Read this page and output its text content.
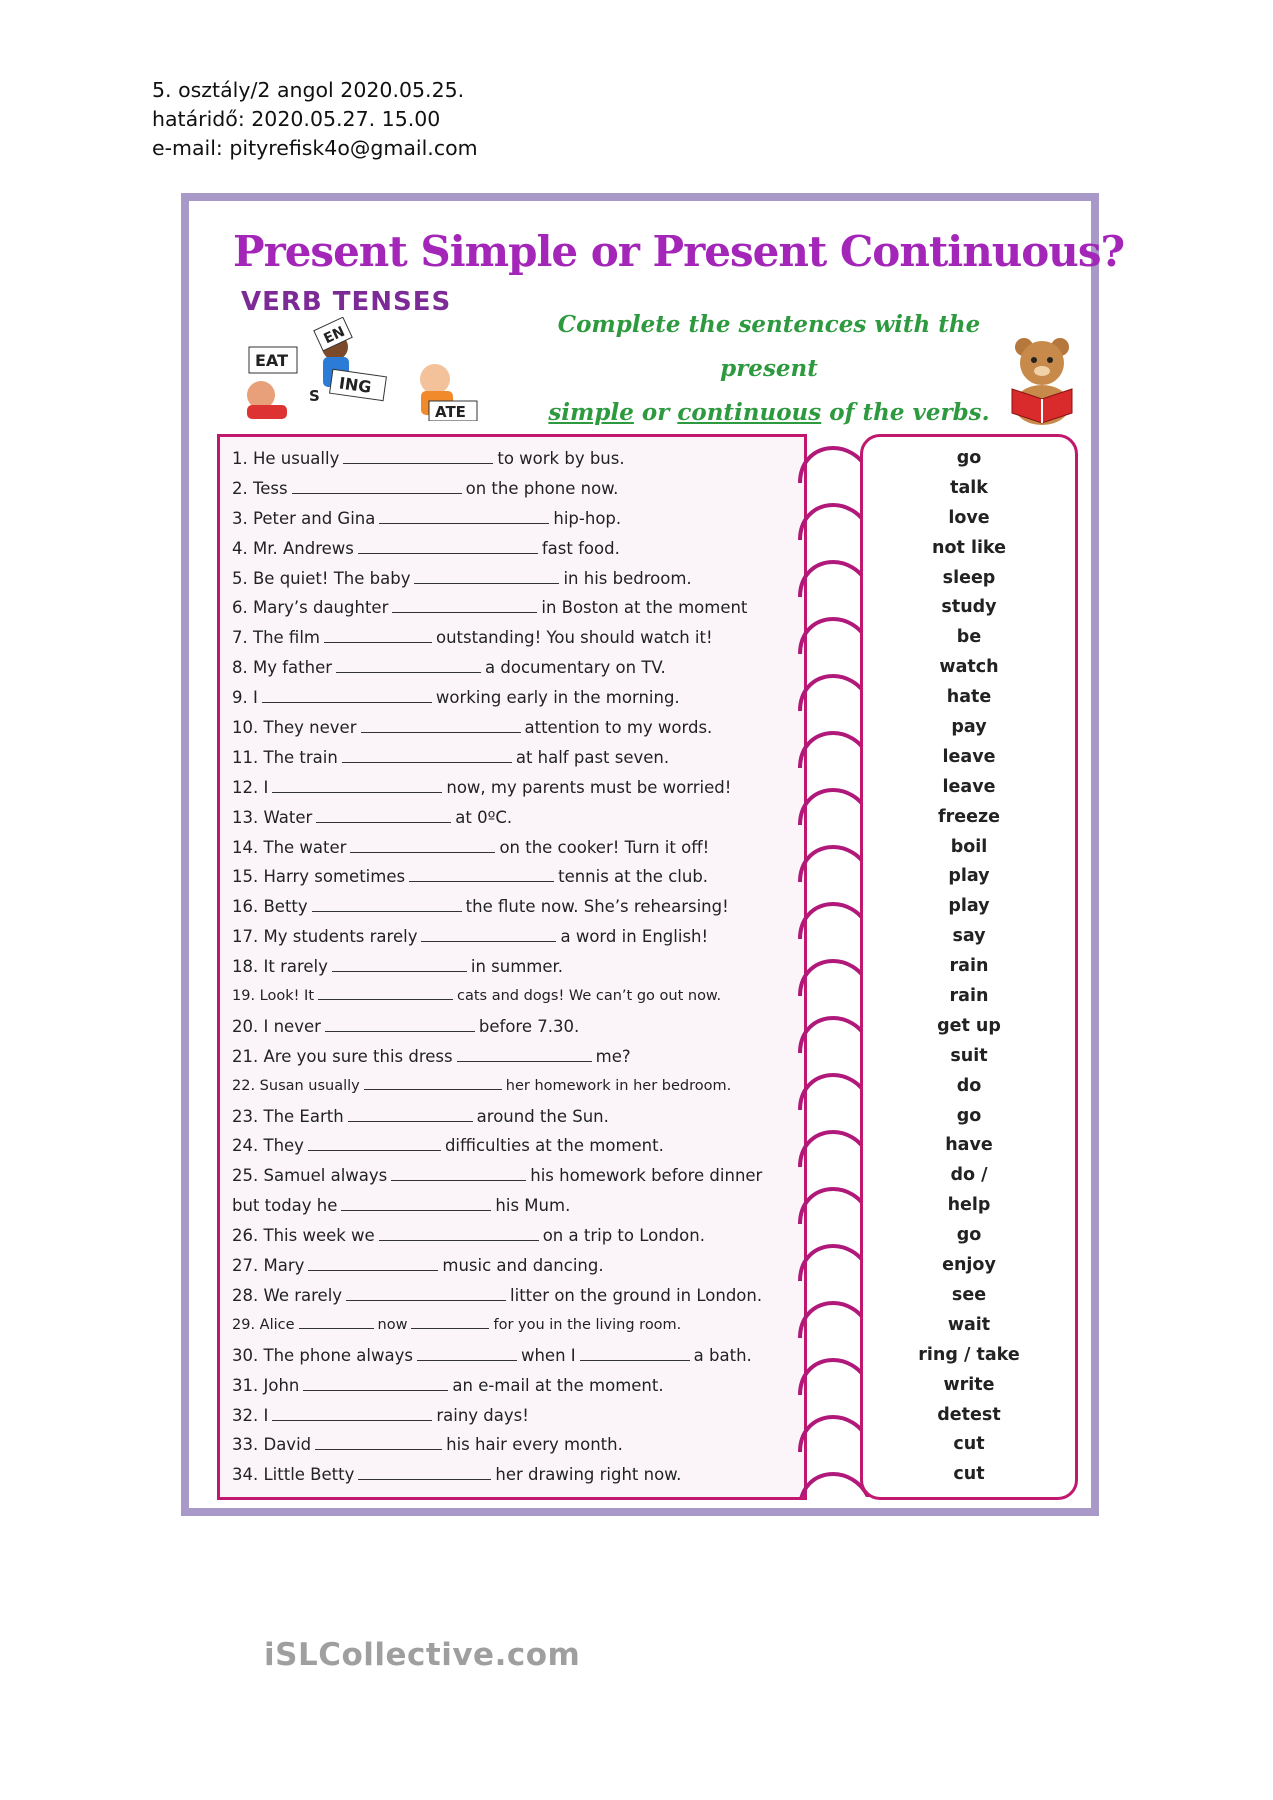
5. osztály/2 angol 2020.05.25.
határidő: 2020.05.27. 15.00
e-mail: pityrefisk4o@gmail.com
Present Simple or Present Continuous?
VERB TENSES
EAT
EN
ING
S
ATE
Complete the sentences with the present
simple or continuous of the verbs.
1. He usually	to work by bus.
2. Tess	on the phone now.
3. Peter and Gina	hip-hop.
4. Mr. Andrews	fast food.
5. Be quiet! The baby	in his bedroom.
6. Mary’s daughter	in Boston at the moment
7. The film	outstanding! You should watch it!
8. My father	a documentary on TV.
9. I	working early in the morning.
10. They never	attention to my words.
11. The train	at half past seven.
12. I	now, my parents must be worried!
13. Water	at 0ºC.
14. The water	on the cooker! Turn it off!
15. Harry sometimes	tennis at the club.
16. Betty	the flute now. She’s rehearsing!
17. My students rarely	a word in English!
18. It rarely	in summer.
19. Look! It	cats and dogs! We can’t go out now.
20. I never	before 7.30.
21. Are you sure this dress	me?
22. Susan usually	her homework in her bedroom.
23. The Earth	around the Sun.
24. They	difficulties at the moment.
25. Samuel always	his homework before dinner
but today he	his Mum.
26. This week we	on a trip to London.
27. Mary	music and dancing.
28. We rarely	litter on the ground in London.
29. Alice	now	for you in the living room.
30. The phone always	when I	a bath.
31. John	an e-mail at the moment.
32. I	rainy days!
33. David	his hair every month.
34. Little Betty	her drawing right now.
iSLCollective.com
go
talk
love
not like
sleep
study
be
watch
hate
pay
leave
leave
freeze
boil
play
play
say
rain
rain
get up
suit
do
go
have
do /
help
go
enjoy
see
wait
ring / take
write
detest
cut
cut
